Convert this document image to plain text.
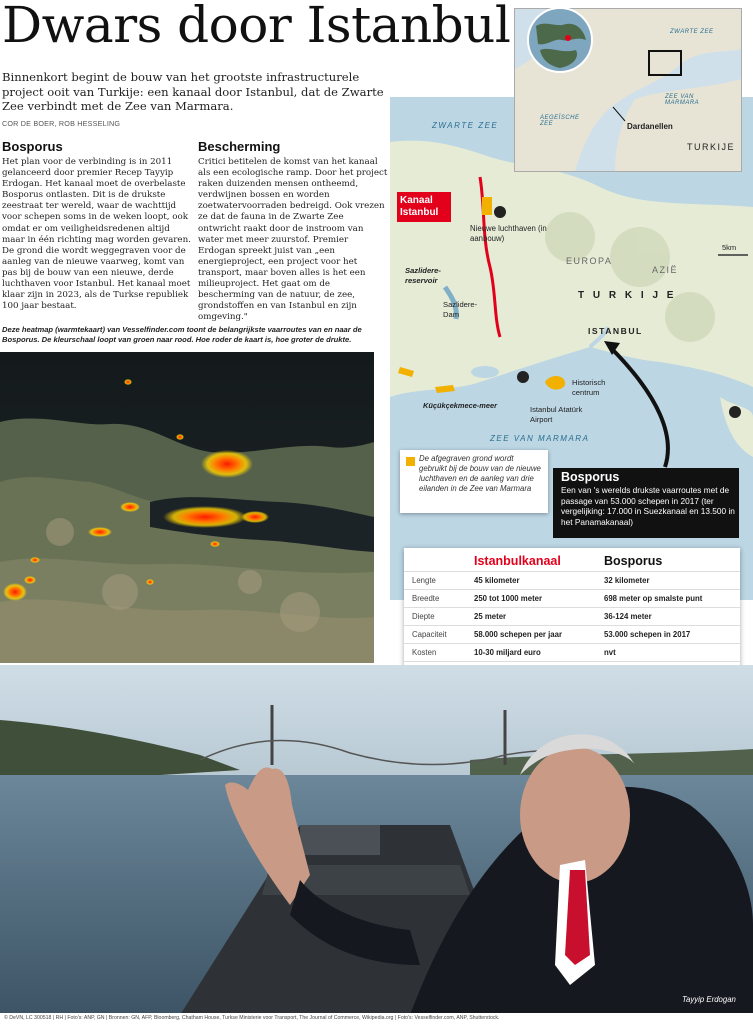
Dwars door Istanbul
Binnenkort begint de bouw van het grootste infrastructurele project ooit van Turkije: een kanaal door Istanbul, dat de Zwarte Zee verbindt met de Zee van Marmara.
COR DE BOER, ROB HESSELING
Bosporus
Het plan voor de verbinding is in 2011 gelanceerd door premier Recep Tayyip Erdogan. Het kanaal moet de overbelaste Bosporus ontlasten. Dit is de drukste zeestraat ter wereld, waar de wachttijd voor schepen soms in de weken loopt, ook omdat er om veiligheidsredenen altijd maar in één richting mag worden gevaren. De grond die wordt weggegraven voor de aanleg van de nieuwe vaarweg, komt van pas bij de bouw van een nieuwe, derde luchthaven voor Istanbul. Het kanaal moet klaar zijn in 2023, als de Turkse republiek 100 jaar bestaat.
Bescherming
Critici betitelen de komst van het kanaal als een ecologische ramp. Door het project raken duizenden mensen ontheemd, verdwijnen bossen en worden zoetwatervoorraden bedreigd. Ook vrezen ze dat de fauna in de Zwarte Zee ontwricht raakt door de instroom van water met meer zuurstof. Premier Erdogan spreekt juist van „een energieproject, een project voor het transport, maar boven alles is het een milieuproject. Het gaat om de bescherming van de natuur, de zee, grondstoffen en van Istanbul en zijn omgeving."
Deze heatmap (warmtekaart) van Vesselfinder.com toont de belangrijkste vaarroutes van en naar de Bosporus. De kleurschaal loopt van groen naar rood. Hoe roder de kaart is, hoe groter de drukte.
ZWARTE ZEE
ZEE VAN MARMARA
EUROPA
AZIË
T U R K I J E
Kanaal Istanbul
Nieuwe luchthaven (in aanbouw)
Sazlidere-reservoir
Sazlidere-Dam
ISTANBUL
Historisch centrum
Küçükçekmece-meer	Istanbul Atatürk Airport
5km
ZWARTE ZEE
ZEE VAN MARMARA
AEGEÏSCHE ZEE	Dardanellen
TURKIJE
De afgegraven grond wordt gebruikt bij de bouw van de nieuwe luchthaven en de aanleg van drie eilanden in de Zee van Marmara
Bosporus
Een van 's werelds drukste vaarroutes met de passage van 53.000 schepen in 2017 (ter vergelijking: 17.000 in Suezkanaal en 13.500 in het Panamakanaal)
	Istanbulkanaal	Bosporus
Lengte	45 kilometer	32 kilometer
Breedte	250 tot 1000 meter	698 meter op smalste punt
Diepte	25 meter	36-124 meter
Capaciteit	58.000 schepen per jaar	53.000 schepen in 2017
Kosten	10-30 miljard euro	nvt

Tayyip Erdogan
© DeVN, LC 300518 | RH | Foto's: ANP, GN | Bronnen: GN, AFP, Bloomberg, Chatham House, Turkse Ministerie voor Transport, The Journal of Commerce, Wikipedia.org | Foto's: Vesselfinder.com, ANP, Shutterstock.
